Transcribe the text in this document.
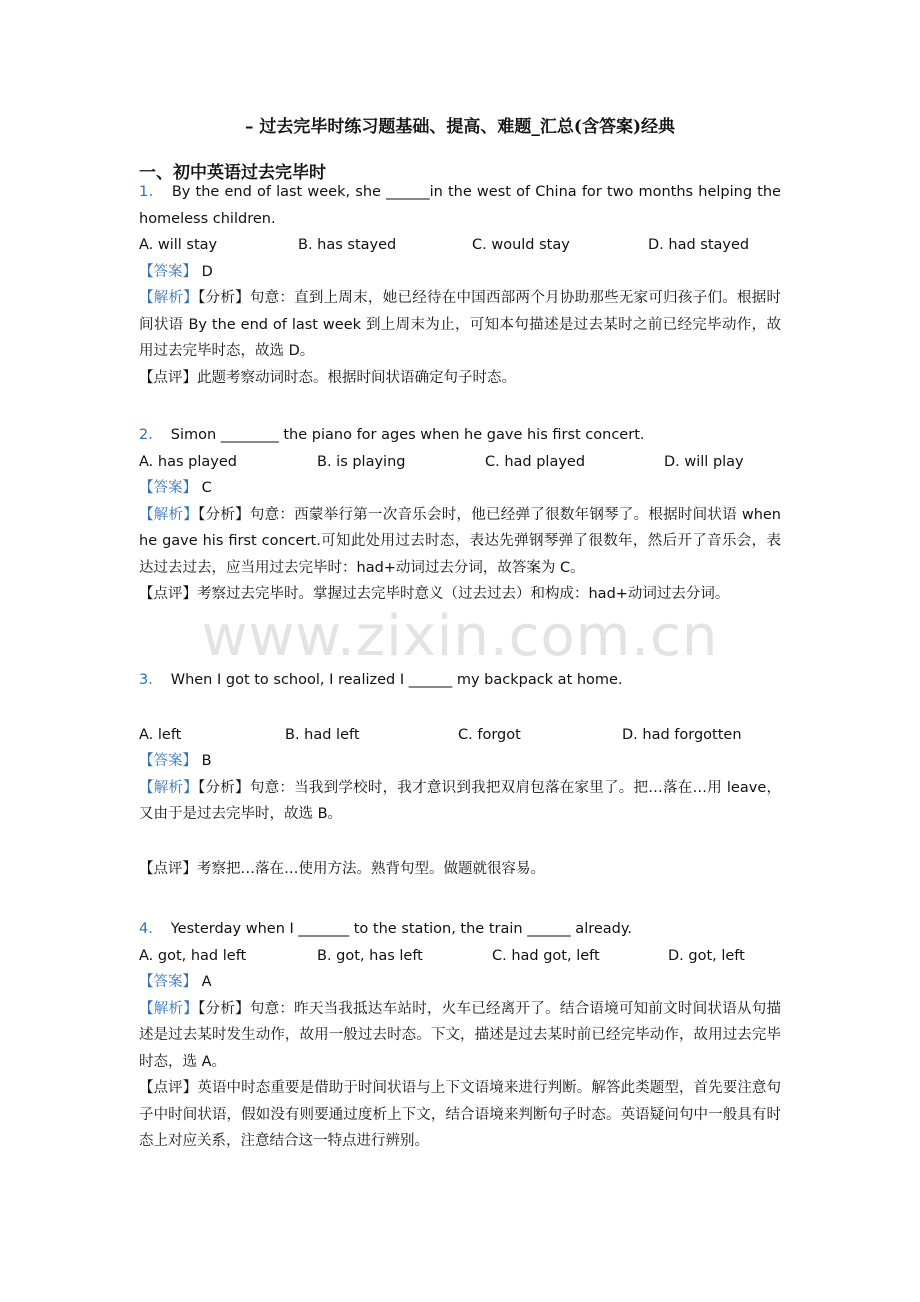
– 过去完毕时练习题基础、提高、难题_汇总(含答案)经典
一、初中英语过去完毕时
1． By the end of last week, she ______in the west of China for two months helping the homeless children.
A. will stay	B. has stayed	C. would stay	D. had stayed
【答案】 D
【解析】【分析】句意：直到上周末，她已经待在中国西部两个月协助那些无家可归孩子们。根据时间状语 By the end of last week 到上周末为止，可知本句描述是过去某时之前已经完毕动作，故用过去完毕时态，故选 D。
【点评】此题考察动词时态。根据时间状语确定句子时态。
2． Simon ________ the piano for ages when he gave his first concert.
A. has played	B. is playing	C. had played	D. will play
【答案】 C
【解析】【分析】句意：西蒙举行第一次音乐会时，他已经弹了很数年钢琴了。根据时间状语 when he gave his first concert.可知此处用过去时态，表达先弹钢琴弹了很数年，然后开了音乐会，表达过去过去，应当用过去完毕时：had+动词过去分词，故答案为 C。
【点评】考察过去完毕时。掌握过去完毕时意义（过去过去）和构成：had+动词过去分词。
3． When I got to school, I realized I ______ my backpack at home.
A. left	B. had left	C. forgot	D. had forgotten
【答案】 B
【解析】【分析】句意：当我到学校时，我才意识到我把双肩包落在家里了。把…落在…用 leave，又由于是过去完毕时，故选 B。
【点评】考察把…落在…使用方法。熟背句型。做题就很容易。
4． Yesterday when I _______ to the station, the train ______ already.
A. got, had left	B. got, has left	C. had got, left	D. got, left
【答案】 A
【解析】【分析】句意：昨天当我抵达车站时，火车已经离开了。结合语境可知前文时间状语从句描述是过去某时发生动作，故用一般过去时态。下文，描述是过去某时前已经完毕动作，故用过去完毕时态，选 A。
【点评】英语中时态重要是借助于时间状语与上下文语境来进行判断。解答此类题型，首先要注意句子中时间状语，假如没有则要通过度析上下文，结合语境来判断句子时态。英语疑问句中一般具有时态上对应关系，注意结合这一特点进行辨别。
www.zixin.com.cn
